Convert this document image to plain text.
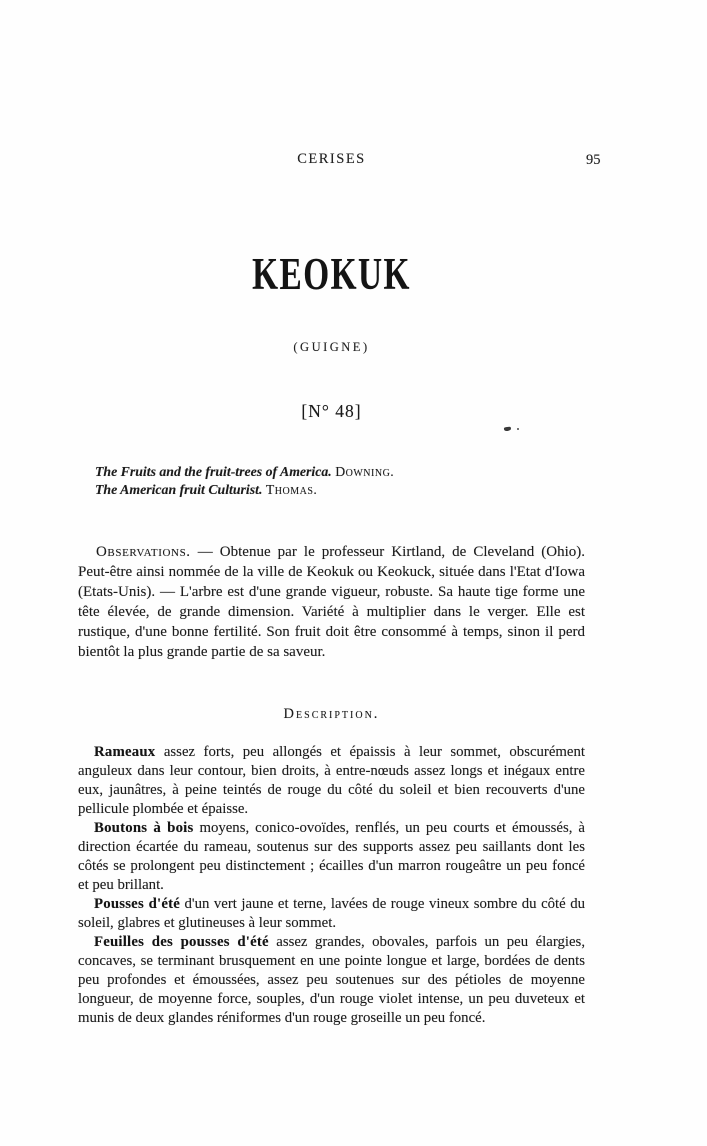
CERISES	95
KEOKUK
(GUIGNE)
[N° 48]
The Fruits and the fruit-trees of America. Downing.
The American fruit Culturist. Thomas.

Observations. — Obtenue par le professeur Kirtland, de Cleveland (Ohio). Peut-être ainsi nommée de la ville de Keokuk ou Keokuck, située dans l'Etat d'Iowa (Etats-Unis). — L'arbre est d'une grande vigueur, robuste. Sa haute tige forme une tête élevée, de grande dimension. Variété à multiplier dans le verger. Elle est rustique, d'une bonne fertilité. Son fruit doit être consommé à temps, sinon il perd bientôt la plus grande partie de sa saveur.

Description.

Rameaux assez forts, peu allongés et épaissis à leur sommet, obscurément anguleux dans leur contour, bien droits, à entre-nœuds assez longs et inégaux entre eux, jaunâtres, à peine teintés de rouge du côté du soleil et bien recouverts d'une pellicule plombée et épaisse.

Boutons à bois moyens, conico-ovoïdes, renflés, un peu courts et émoussés, à direction écartée du rameau, soutenus sur des supports assez peu saillants dont les côtés se prolongent peu distinctement ; écailles d'un marron rougeâtre un peu foncé et peu brillant.

Pousses d'été d'un vert jaune et terne, lavées de rouge vineux sombre du côté du soleil, glabres et glutineuses à leur sommet.

Feuilles des pousses d'été assez grandes, obovales, parfois un peu élargies, concaves, se terminant brusquement en une pointe longue et large, bordées de dents peu profondes et émoussées, assez peu soutenues sur des pétioles de moyenne longueur, de moyenne force, souples, d'un rouge violet intense, un peu duveteux et munis de deux glandes réniformes d'un rouge groseille un peu foncé.
